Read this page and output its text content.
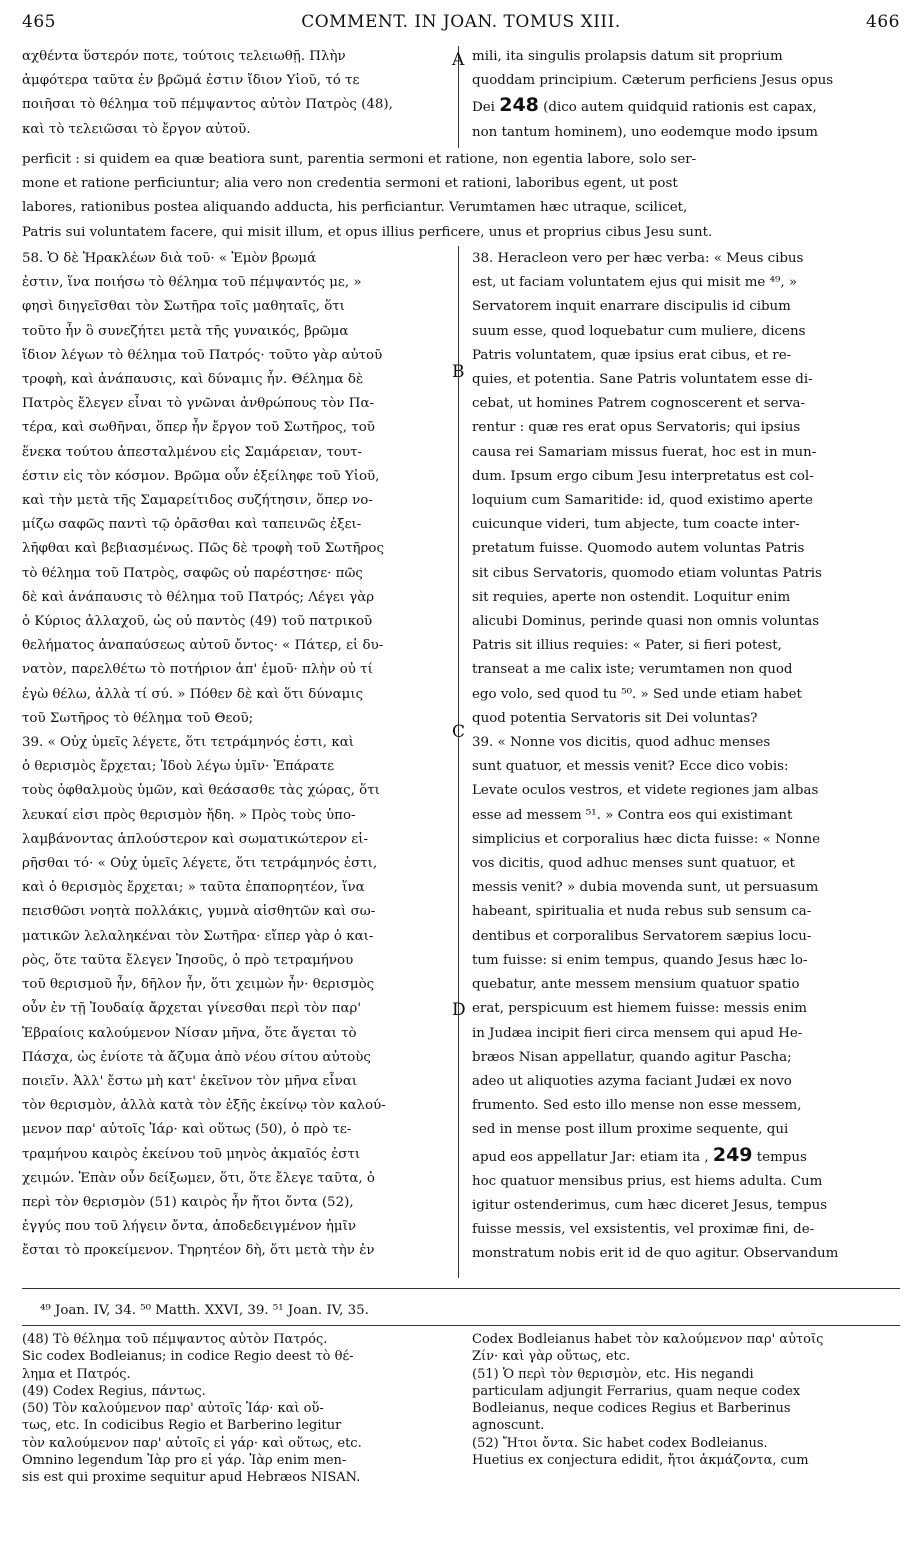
465	COMMENT. IN JOAN. TOMUS XIII.	466
αχθέντα ὕστερόν ποτε, τούτοις τελειωθῇ. Πλὴν
ἀμφότερα ταῦτα ἐν βρῶμά ἐστιν ἴδιον Υἱοῦ, τό τε
ποιῆσαι τὸ θέλημα τοῦ πέμψαντος αὐτὸν Πατρὸς (48),
καὶ τὸ τελειῶσαι τὸ ἔργον αὐτοῦ.
A mili, ita singulis prolapsis datum sit proprium
quoddam principium. Cæterum perficiens Jesus opus
Dei 248 (dico autem quidquid rationis est capax,
non tantum hominem), uno eodemque modo ipsum
perficit : si quidem ea quæ beatiora sunt, parentia sermoni et ratione, non egentia labore, solo ser-
mone et ratione perficiuntur; alia vero non credentia sermoni et rationi, laboribus egent, ut post
labores, rationibus postea aliquando adducta, his perficiantur. Verumtamen hæc utraque, scilicet,
Patris sui voluntatem facere, qui misit illum, et opus illius perficere, unus et proprius cibus Jesu sunt.
58. Ὁ δὲ Ἡρακλέων διὰ τοῦ· « Ἐμὸν βρωμά
ἐστιν, ἵνα ποιήσω τὸ θέλημα τοῦ πέμψαντός με, »
φησὶ διηγεῖσθαι τὸν Σωτῆρα τοῖς μαθηταῖς, ὅτι
τοῦτο ἦν ὃ συνεζήτει μετὰ τῆς γυναικός, βρῶμα
ἴδιον λέγων τὸ θέλημα τοῦ Πατρός· τοῦτο γὰρ αὐτοῦ
τροφὴ, καὶ ἀνάπαυσις, καὶ δύναμις ἦν. Θέλημα δὲ
Πατρὸς ἔλεγεν εἶναι τὸ γνῶναι ἀνθρώπους τὸν Πα-
τέρα, καὶ σωθῆναι, ὅπερ ἦν ἔργον τοῦ Σωτῆρος, τοῦ
ἕνεκα τούτου ἀπεσταλμένου εἰς Σαμάρειαν, τουτ-
έστιν εἰς τὸν κόσμον. Βρῶμα οὖν ἐξείληφε τοῦ Υἱοῦ,
καὶ τὴν μετὰ τῆς Σαμαρείτιδος συζήτησιν, ὅπερ νο-
μίζω σαφῶς παντὶ τῷ ὁρᾶσθαι καὶ ταπεινῶς ἐξει-
λῆφθαι καὶ βεβιασμένως. Πῶς δὲ τροφὴ τοῦ Σωτῆρος
τὸ θέλημα τοῦ Πατρὸς, σαφῶς οὐ παρέστησε· πῶς
δὲ καὶ ἀνάπαυσις τὸ θέλημα τοῦ Πατρός; Λέγει γὰρ
ὁ Κύριος ἀλλαχοῦ, ὡς οὐ παντὸς (49) τοῦ πατρικοῦ
θελήματος ἀναπαύσεως αὐτοῦ ὄντος· « Πάτερ, εἰ δυ-
νατὸν, παρελθέτω τὸ ποτήριον ἀπ' ἐμοῦ· πλὴν οὐ τί
ἐγὼ θέλω, ἀλλὰ τί σύ. » Πόθεν δὲ καὶ ὅτι δύναμις
τοῦ Σωτῆρος τὸ θέλημα τοῦ Θεοῦ;
39. « Οὐχ ὑμεῖς λέγετε, ὅτι τετράμηνός ἐστι, καὶ
ὁ θερισμὸς ἔρχεται; Ἰδοὺ λέγω ὑμῖν· Ἐπάρατε
τοὺς ὀφθαλμοὺς ὑμῶν, καὶ θεάσασθε τὰς χώρας, ὅτι
λευκαί εἰσι πρὸς θερισμὸν ἤδη. » Πρὸς τοὺς ὑπο-
λαμβάνοντας ἁπλούστερον καὶ σωματικώτερον εἰ-
ρῆσθαι τό· « Οὐχ ὑμεῖς λέγετε, ὅτι τετράμηνός ἐστι,
καὶ ὁ θερισμὸς ἔρχεται; » ταῦτα ἐπαπορητέον, ἵνα
πεισθῶσι νοητὰ πολλάκις, γυμνὰ αἰσθητῶν καὶ σω-
ματικῶν λελαληκέναι τὸν Σωτῆρα· εἴπερ γὰρ ὁ και-
ρὸς, ὅτε ταῦτα ἔλεγεν Ἰησοῦς, ὁ πρὸ τετραμήνου
τοῦ θερισμοῦ ἦν, δῆλον ἦν, ὅτι χειμὼν ἦν· θερισμὸς
οὖν ἐν τῇ Ἰουδαίᾳ ἄρχεται γίνεσθαι περὶ τὸν παρ'
Ἑβραίοις καλούμενον Νίσαν μῆνα, ὅτε ἄγεται τὸ
Πάσχα, ὡς ἐνίοτε τὰ ἄζυμα ἀπὸ νέου σίτου αὐτοὺς
ποιεῖν. Ἀλλ' ἔστω μὴ κατ' ἐκεῖνον τὸν μῆνα εἶναι
τὸν θερισμὸν, ἀλλὰ κατὰ τὸν ἑξῆς ἐκείνῳ τὸν καλού-
μενον παρ' αὐτοῖς Ἰάρ· καὶ οὕτως (50), ὁ πρὸ τε-
τραμήνου καιρὸς ἐκείνου τοῦ μηνὸς ἀκμαῖός ἐστι
χειμών. Ἐπὰν οὖν δείξωμεν, ὅτι, ὅτε ἔλεγε ταῦτα, ὁ
περὶ τὸν θερισμὸν (51) καιρὸς ἦν ἤτοι ὄντα (52),
ἐγγύς που τοῦ λήγειν ὄντα, ἀποδεδειγμένον ἡμῖν
ἔσται τὸ προκείμενον. Τηρητέον δὴ, ὅτι μετὰ τὴν ἐν
B
C
D
38. Heracleon vero per hæc verba: « Meus cibus
est, ut faciam voluntatem ejus qui misit me ⁴⁹, »
Servatorem inquit enarrare discipulis id cibum
suum esse, quod loquebatur cum muliere, dicens
Patris voluntatem, quæ ipsius erat cibus, et re-
quies, et potentia. Sane Patris voluntatem esse di-
cebat, ut homines Patrem cognoscerent et serva-
rentur : quæ res erat opus Servatoris; qui ipsius
causa rei Samariam missus fuerat, hoc est in mun-
dum. Ipsum ergo cibum Jesu interpretatus est col-
loquium cum Samaritide: id, quod existimo aperte
cuicunque videri, tum abjecte, tum coacte inter-
pretatum fuisse. Quomodo autem voluntas Patris
sit cibus Servatoris, quomodo etiam voluntas Patris
sit requies, aperte non ostendit. Loquitur enim
alicubi Dominus, perinde quasi non omnis voluntas
Patris sit illius requies: « Pater, si fieri potest,
transeat a me calix iste; verumtamen non quod
ego volo, sed quod tu ⁵⁰. » Sed unde etiam habet
quod potentia Servatoris sit Dei voluntas?
39. « Nonne vos dicitis, quod adhuc menses
sunt quatuor, et messis venit? Ecce dico vobis:
Levate oculos vestros, et videte regiones jam albas
esse ad messem ⁵¹. » Contra eos qui existimant
simplicius et corporalius hæc dicta fuisse: « Nonne
vos dicitis, quod adhuc menses sunt quatuor, et
messis venit? » dubia movenda sunt, ut persuasum
habeant, spiritualia et nuda rebus sub sensum ca-
dentibus et corporalibus Servatorem sæpius locu-
tum fuisse: si enim tempus, quando Jesus hæc lo-
quebatur, ante messem mensium quatuor spatio
erat, perspicuum est hiemem fuisse: messis enim
in Judæa incipit fieri circa mensem qui apud He-
bræos Nisan appellatur, quando agitur Pascha;
adeo ut aliquoties azyma faciant Judæi ex novo
frumento. Sed esto illo mense non esse messem,
sed in mense post illum proxime sequente, qui
apud eos appellatur Jar: etiam ita , 249 tempus
hoc quatuor mensibus prius, est hiems adulta. Cum
igitur ostenderimus, cum hæc diceret Jesus, tempus
fuisse messis, vel exsistentis, vel proximæ fini, de-
monstratum nobis erit id de quo agitur. Observandum
⁴⁹ Joan. IV, 34. ⁵⁰ Matth. XXVI, 39. ⁵¹ Joan. IV, 35.
(48) Τὸ θέλημα τοῦ πέμψαντος αὐτὸν Πατρός.
Sic codex Bodleianus; in codice Regio deest τὸ θέ-
λημα et Πατρός.
(49) Codex Regius, πάντως.
(50) Τὸν καλούμενον παρ' αὐτοῖς Ἰάρ· καὶ οὕ-
τως, etc. In codicibus Regio et Barberino legitur
τὸν καλούμενον παρ' αὐτοῖς εἰ γάρ· καὶ οὕτως, etc.
Omnino legendum Ἰὰρ pro εἰ γάρ. Ἰὰρ enim men-
sis est qui proxime sequitur apud Hebræos NISAN.
Codex Bodleianus habet τὸν καλούμενον παρ' αὐτοῖς
Ζίν· καὶ γὰρ οὕτως, etc.
(51) Ὁ περὶ τὸν θερισμὸν, etc. His negandi
particulam adjungit Ferrarius, quam neque codex
Bodleianus, neque codices Regius et Barberinus
agnoscunt.
(52) Ἤτοι ὄντα. Sic habet codex Bodleianus.
Huetius ex conjectura edidit, ἤτοι ἀκμάζοντα, cum
